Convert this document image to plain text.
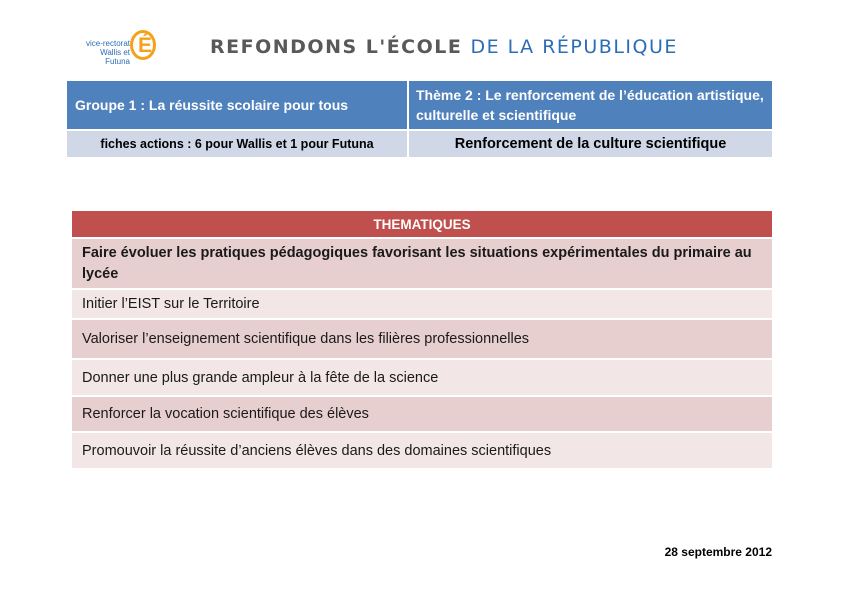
vice-rectorat
Wallis et Futuna
É	REFONDONS L'ÉCOLE DE LA RÉPUBLIQUE
Groupe 1 : La réussite scolaire pour tous
Thème 2 : Le renforcement de l’éducation artistique, culturelle et scientifique
fiches actions : 6 pour Wallis et 1 pour Futuna	Renforcement de la culture scientifique
THEMATIQUES
Faire évoluer les pratiques pédagogiques favorisant les situations expérimentales du primaire au lycée
Initier l’EIST sur le Territoire
Valoriser l’enseignement scientifique dans les filières professionnelles
Donner une plus grande ampleur à la fête de la science
Renforcer la vocation scientifique des élèves
Promouvoir la réussite d’anciens élèves dans des domaines scientifiques
28 septembre 2012
